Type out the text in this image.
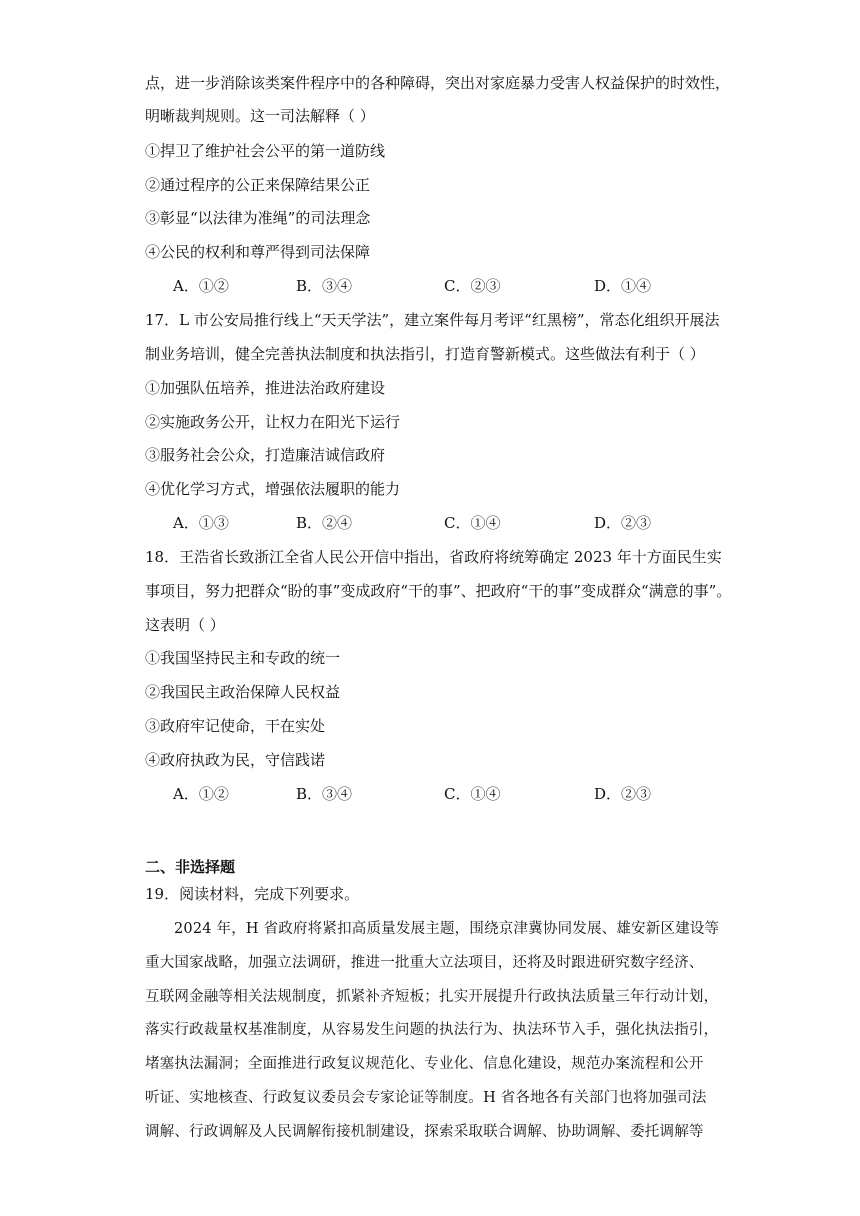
点，进一步消除该类案件程序中的各种障碍，突出对家庭暴力受害人权益保护的时效性，
明晰裁判规则。这一司法解释（ ）
①捍卫了维护社会公平的第一道防线
②通过程序的公正来保障结果公正
③彰显“以法律为准绳”的司法理念
④公民的权利和尊严得到司法保障
A．①②	B．③④	C．②③	D．①④
17．L 市公安局推行线上“天天学法”，建立案件每月考评“红黑榜”，常态化组织开展法
制业务培训，健全完善执法制度和执法指引，打造育警新模式。这些做法有利于（ ）
①加强队伍培养，推进法治政府建设
②实施政务公开，让权力在阳光下运行
③服务社会公众，打造廉洁诚信政府
④优化学习方式，增强依法履职的能力
A．①③	B．②④	C．①④	D．②③
18．王浩省长致浙江全省人民公开信中指出，省政府将统筹确定 2023 年十方面民生实
事项目，努力把群众“盼的事”变成政府“干的事”、把政府“干的事”变成群众“满意的事”。
这表明（ ）
①我国坚持民主和专政的统一
②我国民主政治保障人民权益
③政府牢记使命，干在实处
④政府执政为民，守信践诺
A．①②	B．③④	C．①④	D．②③
二、非选择题
19．阅读材料，完成下列要求。
2024 年，H 省政府将紧扣高质量发展主题，围绕京津冀协同发展、雄安新区建设等
重大国家战略，加强立法调研，推进一批重大立法项目，还将及时跟进研究数字经济、
互联网金融等相关法规制度，抓紧补齐短板；扎实开展提升行政执法质量三年行动计划，
落实行政裁量权基准制度，从容易发生问题的执法行为、执法环节入手，强化执法指引，
堵塞执法漏洞；全面推进行政复议规范化、专业化、信息化建设，规范办案流程和公开
听证、实地核查、行政复议委员会专家论证等制度。H 省各地各有关部门也将加强司法
调解、行政调解及人民调解衔接机制建设，探索采取联合调解、协助调解、委托调解等
